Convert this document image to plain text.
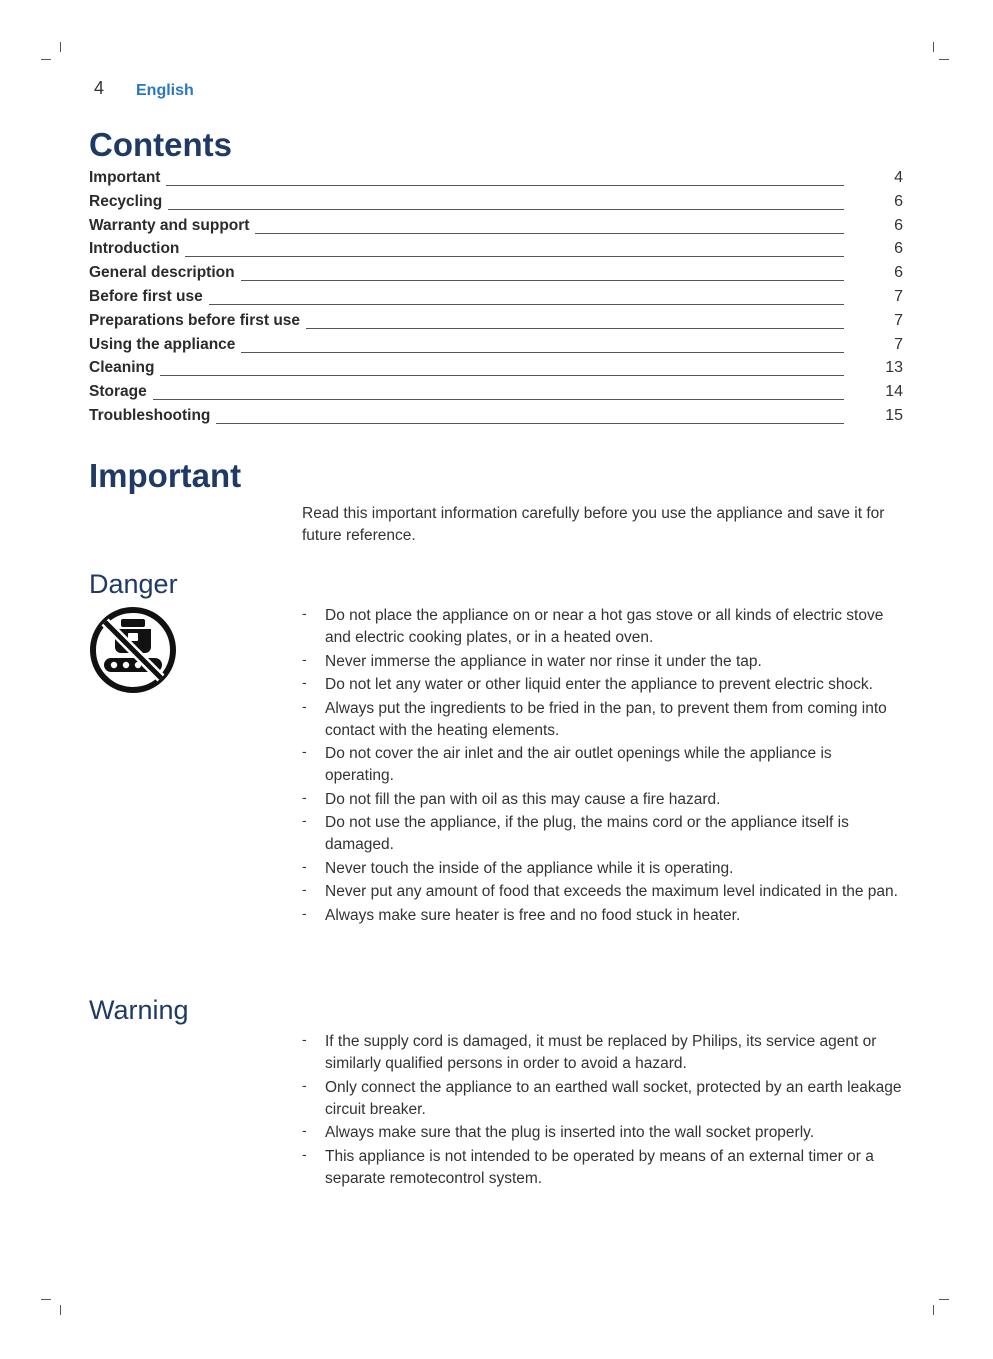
4 English
Contents
Important	4
Recycling	6
Warranty and support	6
Introduction	6
General description	6
Before first use	7
Preparations before first use	7
Using the appliance	7
Cleaning	13
Storage	14
Troubleshooting	15
Important

Read this important information carefully before you use the appliance and save it for future reference.

Danger
- Do not place the appliance on or near a hot gas stove or all kinds of electric stove and electric cooking plates, or in a heated oven.
- Never immerse the appliance in water nor rinse it under the tap.
- Do not let any water or other liquid enter the appliance to prevent electric shock.
- Always put the ingredients to be fried in the pan, to prevent them from coming into contact with the heating elements.
- Do not cover the air inlet and the air outlet openings while the appliance is operating.
- Do not fill the pan with oil as this may cause a fire hazard.
- Do not use the appliance, if the plug, the mains cord or the appliance itself is damaged.
- Never touch the inside of the appliance while it is operating.
- Never put any amount of food that exceeds the maximum level indicated in the pan.
- Always make sure heater is free and no food stuck in heater.
Warning
- If the supply cord is damaged, it must be replaced by Philips, its service agent or similarly qualified persons in order to avoid a hazard.
- Only connect the appliance to an earthed wall socket, protected by an earth leakage circuit breaker.
- Always make sure that the plug is inserted into the wall socket properly.
- This appliance is not intended to be operated by means of an external timer or a separate remotecontrol system.
